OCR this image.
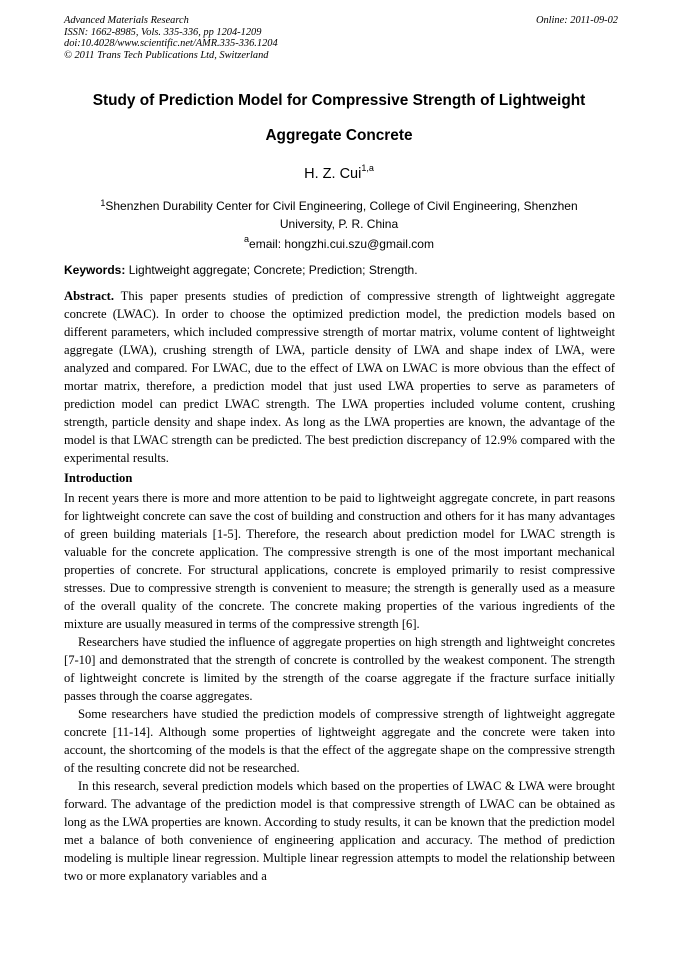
Advanced Materials Research
ISSN: 1662-8985, Vols. 335-336, pp 1204-1209
doi:10.4028/www.scientific.net/AMR.335-336.1204
© 2011 Trans Tech Publications Ltd, Switzerland
Online: 2011-09-02
Study of Prediction Model for Compressive Strength of Lightweight
Aggregate Concrete
H. Z. Cui$^{1,a}$
$^1$Shenzhen Durability Center for Civil Engineering, College of Civil Engineering, Shenzhen University, P. R. China
$^a$email: hongzhi.cui.szu@gmail.com
Keywords: Lightweight aggregate; Concrete; Prediction; Strength.

Abstract. This paper presents studies of prediction of compressive strength of lightweight aggregate concrete (LWAC). In order to choose the optimized prediction model, the prediction models based on different parameters, which included compressive strength of mortar matrix, volume content of lightweight aggregate (LWA), crushing strength of LWA, particle density of LWA and shape index of LWA, were analyzed and compared. For LWAC, due to the effect of LWA on LWAC is more obvious than the effect of mortar matrix, therefore, a prediction model that just used LWA properties to serve as parameters of prediction model can predict LWAC strength. The LWA properties included volume content, crushing strength, particle density and shape index. As long as the LWA properties are known, the advantage of the model is that LWAC strength can be predicted. The best prediction discrepancy of 12.9% compared with the experimental results.

Introduction

In recent years there is more and more attention to be paid to lightweight aggregate concrete, in part reasons for lightweight concrete can save the cost of building and construction and others for it has many advantages of green building materials [1-5]. Therefore, the research about prediction model for LWAC strength is valuable for the concrete application. The compressive strength is one of the most important mechanical properties of concrete. For structural applications, concrete is employed primarily to resist compressive stresses. Due to compressive strength is convenient to measure; the strength is generally used as a measure of the overall quality of the concrete. The concrete making properties of the various ingredients of the mixture are usually measured in terms of the compressive strength [6].

Researchers have studied the influence of aggregate properties on high strength and lightweight concretes [7-10] and demonstrated that the strength of concrete is controlled by the weakest component. The strength of lightweight concrete is limited by the strength of the coarse aggregate if the fracture surface initially passes through the coarse aggregates.

Some researchers have studied the prediction models of compressive strength of lightweight aggregate concrete [11-14]. Although some properties of lightweight aggregate and the concrete were taken into account, the shortcoming of the models is that the effect of the aggregate shape on the compressive strength of the resulting concrete did not be researched.

In this research, several prediction models which based on the properties of LWAC & LWA were brought forward. The advantage of the prediction model is that compressive strength of LWAC can be obtained as long as the LWA properties are known. According to study results, it can be known that the prediction model met a balance of both convenience of engineering application and accuracy. The method of prediction modeling is multiple linear regression. Multiple linear regression attempts to model the relationship between two or more explanatory variables and a
